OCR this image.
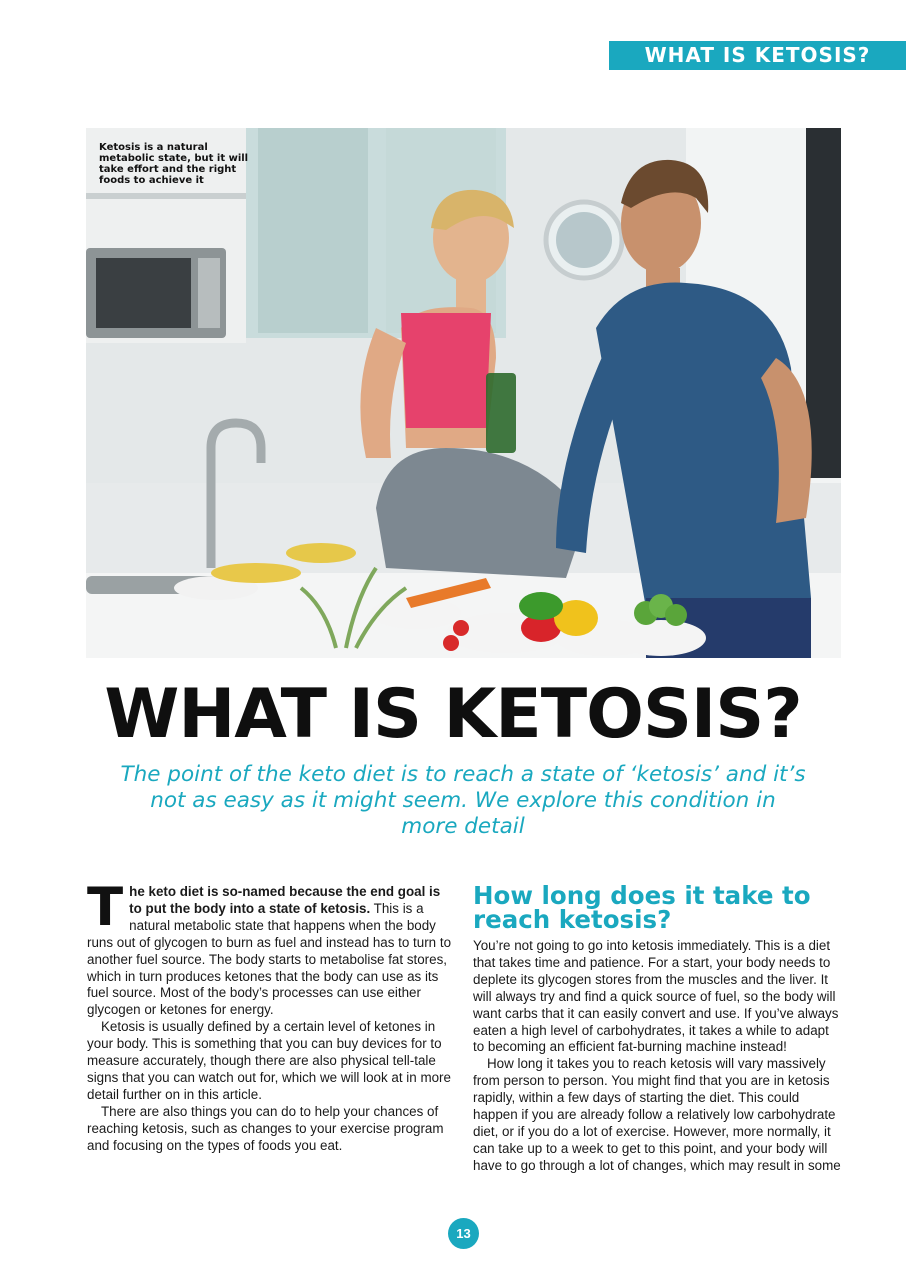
WHAT IS KETOSIS?
Ketosis is a natural metabolic state, but it will take effort and the right foods to achieve it
WHAT IS KETOSIS?
The point of the keto diet is to reach a state of ‘ketosis’ and it’s not as easy as it might seem. We explore this condition in more detail

The keto diet is so-named because the end goal is to put the body into a state of ketosis. This is a natural metabolic state that happens when the body runs out of glycogen to burn as fuel and instead has to turn to another fuel source. The body starts to metabolise fat stores, which in turn produces ketones that the body can use as its fuel source. Most of the body’s processes can use either glycogen or ketones for energy.

Ketosis is usually defined by a certain level of ketones in your body. This is something that you can buy devices for to measure accurately, though there are also physical tell-tale signs that you can watch out for, which we will look at in more detail further on in this article.

There are also things you can do to help your chances of reaching ketosis, such as changes to your exercise program and focusing on the types of foods you eat.

How long does it take to reach ketosis?

You’re not going to go into ketosis immediately. This is a diet that takes time and patience. For a start, your body needs to deplete its glycogen stores from the muscles and the liver. It will always try and find a quick source of fuel, so the body will want carbs that it can easily convert and use. If you’ve always eaten a high level of carbohydrates, it takes a while to adapt to becoming an efficient fat-burning machine instead!

How long it takes you to reach ketosis will vary massively from person to person. You might find that you are in ketosis rapidly, within a few days of starting the diet. This could happen if you are already follow a relatively low carbohydrate diet, or if you do a lot of exercise. However, more normally, it can take up to a week to get to this point, and your body will have to go through a lot of changes, which may result in some

13
